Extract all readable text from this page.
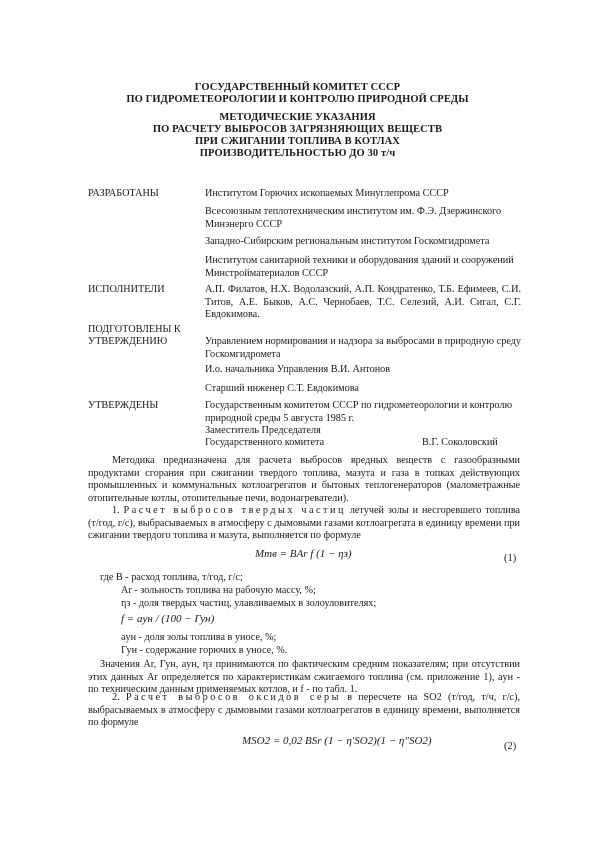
ГОСУДАРСТВЕННЫЙ КОМИТЕТ СССР
ПО ГИДРОМЕТЕОРОЛОГИИ И КОНТРОЛЮ ПРИРОДНОЙ СРЕДЫ
МЕТОДИЧЕСКИЕ УКАЗАНИЯ
ПО РАСЧЕТУ ВЫБРОСОВ ЗАГРЯЗНЯЮЩИХ ВЕЩЕСТВ
ПРИ СЖИГАНИИ ТОПЛИВА В КОТЛАХ
ПРОИЗВОДИТЕЛЬНОСТЬЮ ДО 30 т/ч
РАЗРАБОТАНЫ	Институтом Горючих ископаемых Минуглепрома СССР
Всесоюзным теплотехническим институтом им. Ф.Э. Дзержинского Минэнерго СССР
Западно-Сибирским региональным институтом Госкомгидромета
Институтом санитарной техники и оборудования зданий и сооружений Минстройматериалов СССР
ИСПОЛНИТЕЛИ	А.П. Филатов, Н.Х. Водолазский, А.П. Кондратенко, Т.Б. Ефимеев, С.И. Титов, А.Е. Быков, А.С. Чернобаев, Т.С. Селезий, А.И. Сигал, С.Г. Евдокимова.
ПОДГОТОВЛЕНЫ К
УТВЕРЖДЕНИЮ	Управлением нормирования и надзора за выбросами в природную среду Госкомгидромета
И.о. начальника Управления В.И. Антонов
Старший инженер С.Т. Евдокимова
УТВЕРЖДЕНЫ	Государственным комитетом СССР по гидрометеорологии и контролю природной среды 5 августа 1985 г.
Заместитель Председателя
Государственного комитета	В.Г. Соколовский
Методика предназначена для расчета выбросов вредных веществ с газообразными продуктами сгорания при сжигании твердого топлива, мазута и газа в топках действующих промышленных и коммунальных котлоагрегатов и бытовых теплогенераторов (малометражные отопительные котлы, отопительные печи, водонагреватели).
1. Расчет выбросов твердых частиц летучей золы и несгоревшего топлива (т/год, г/с), выбрасываемых в атмосферу с дымовыми газами котлоагрегата в единицу времени при сжигании твердого топлива и мазута, выполняется по формуле
Mтв = BAr f (1 − ηз)	(1)
где B - расход топлива, т/год, г/с;
Ar - зольность топлива на рабочую массу, %;
ηз - доля твердых частиц, улавливаемых в золоуловителях;
f = aун / (100 − Гун)
aун - доля золы топлива в уносе, %;
Гун - содержание горючих в уносе, %.
Значения Ar, Гун, aун, ηз принимаются по фактическим средним показателям; при отсутствии этих данных Ar определяется по характеристикам сжигаемого топлива (см. приложение 1), aун - по техническим данным применяемых котлов, и f - по табл. 1.
2. Расчет выбросов оксидов серы в пересчете на SO2 (т/год, т/ч, г/с), выбрасываемых в атмосферу с дымовыми газами котлоагрегатов в единицу времени, выполняется по формуле
MSO2 = 0,02 BSr (1 − η′SO2)(1 − η″SO2)	(2)
